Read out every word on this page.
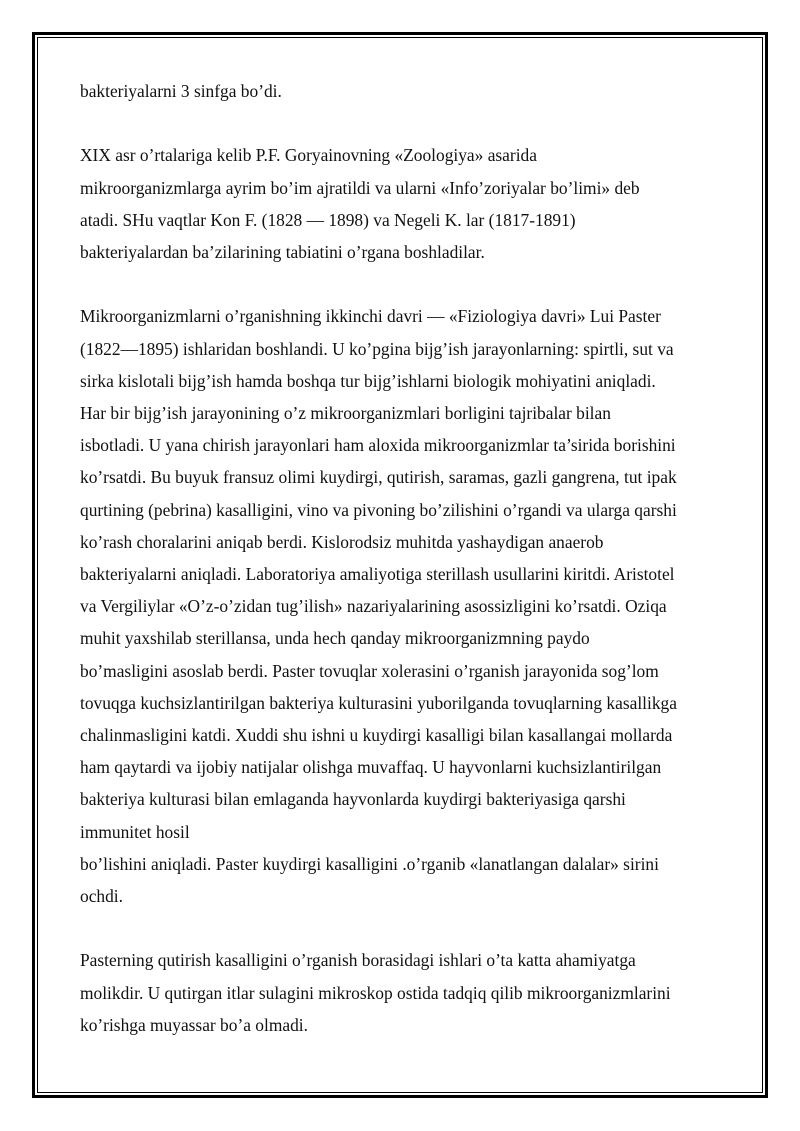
bakteriyalarni 3 sinfga bo’di.

XIX asr o’rtalariga kelib P.F. Goryainovning «Zoologiya» asarida
mikroorganizmlarga ayrim bo’im ajratildi va ularni «Info’zoriyalar bo’limi» deb
atadi. SHu vaqtlar Kon F. (1828 — 1898) va Negeli K. lar (1817-1891)
bakteriyalardan ba’zilarining tabiatini o’rgana boshladilar.

Mikroorganizmlarni o’rganishning ikkinchi davri — «Fiziologiya davri» Lui Paster
(1822—1895) ishlaridan boshlandi. U ko’pgina bijg’ish jarayonlarning: spirtli, sut va
sirka kislotali bijg’ish hamda boshqa tur bijg’ishlarni biologik mohiyatini aniqladi.
Har bir bijg’ish jarayonining o’z mikroorganizmlari borligini tajribalar bilan
isbotladi. U yana chirish jarayonlari ham aloxida mikroorganizmlar ta’sirida borishini
ko’rsatdi. Bu buyuk fransuz olimi kuydirgi, qutirish, saramas, gazli gangrena, tut ipak
qurtining (pebrina) kasalligini, vino va pivoning bo’zilishini o’rgandi va ularga qarshi
ko’rash choralarini aniqab berdi. Kislorodsiz muhitda yashaydigan anaerob
bakteriyalarni aniqladi. Laboratoriya amaliyotiga sterillash usullarini kiritdi. Aristotel
va Vergiliylar «O’z-o’zidan tug’ilish» nazariyalarining asossizligini ko’rsatdi. Oziqa
muhit yaxshilab sterillansa, unda hech qanday mikroorganizmning paydo
bo’masligini asoslab berdi. Paster tovuqlar xolerasini o’rganish jarayonida sog’lom
tovuqga kuchsizlantirilgan bakteriya kulturasini yuborilganda tovuqlarning kasallikga
chalinmasligini katdi. Xuddi shu ishni u kuydirgi kasalligi bilan kasallangai mollarda
ham qaytardi va ijobiy natijalar olishga muvaffaq. U hayvonlarni kuchsizlantirilgan
bakteriya kulturasi bilan emlaganda hayvonlarda kuydirgi bakteriyasiga qarshi
immunitet hosil
bo’lishini aniqladi. Paster kuydirgi kasalligini .o’rganib «lanatlangan dalalar» sirini
ochdi.

Pasterning qutirish kasalligini o’rganish borasidagi ishlari o’ta katta ahamiyatga
molikdir. U qutirgan itlar sulagini mikroskop ostida tadqiq qilib mikroorganizmlarini
ko’rishga muyassar bo’a olmadi.
